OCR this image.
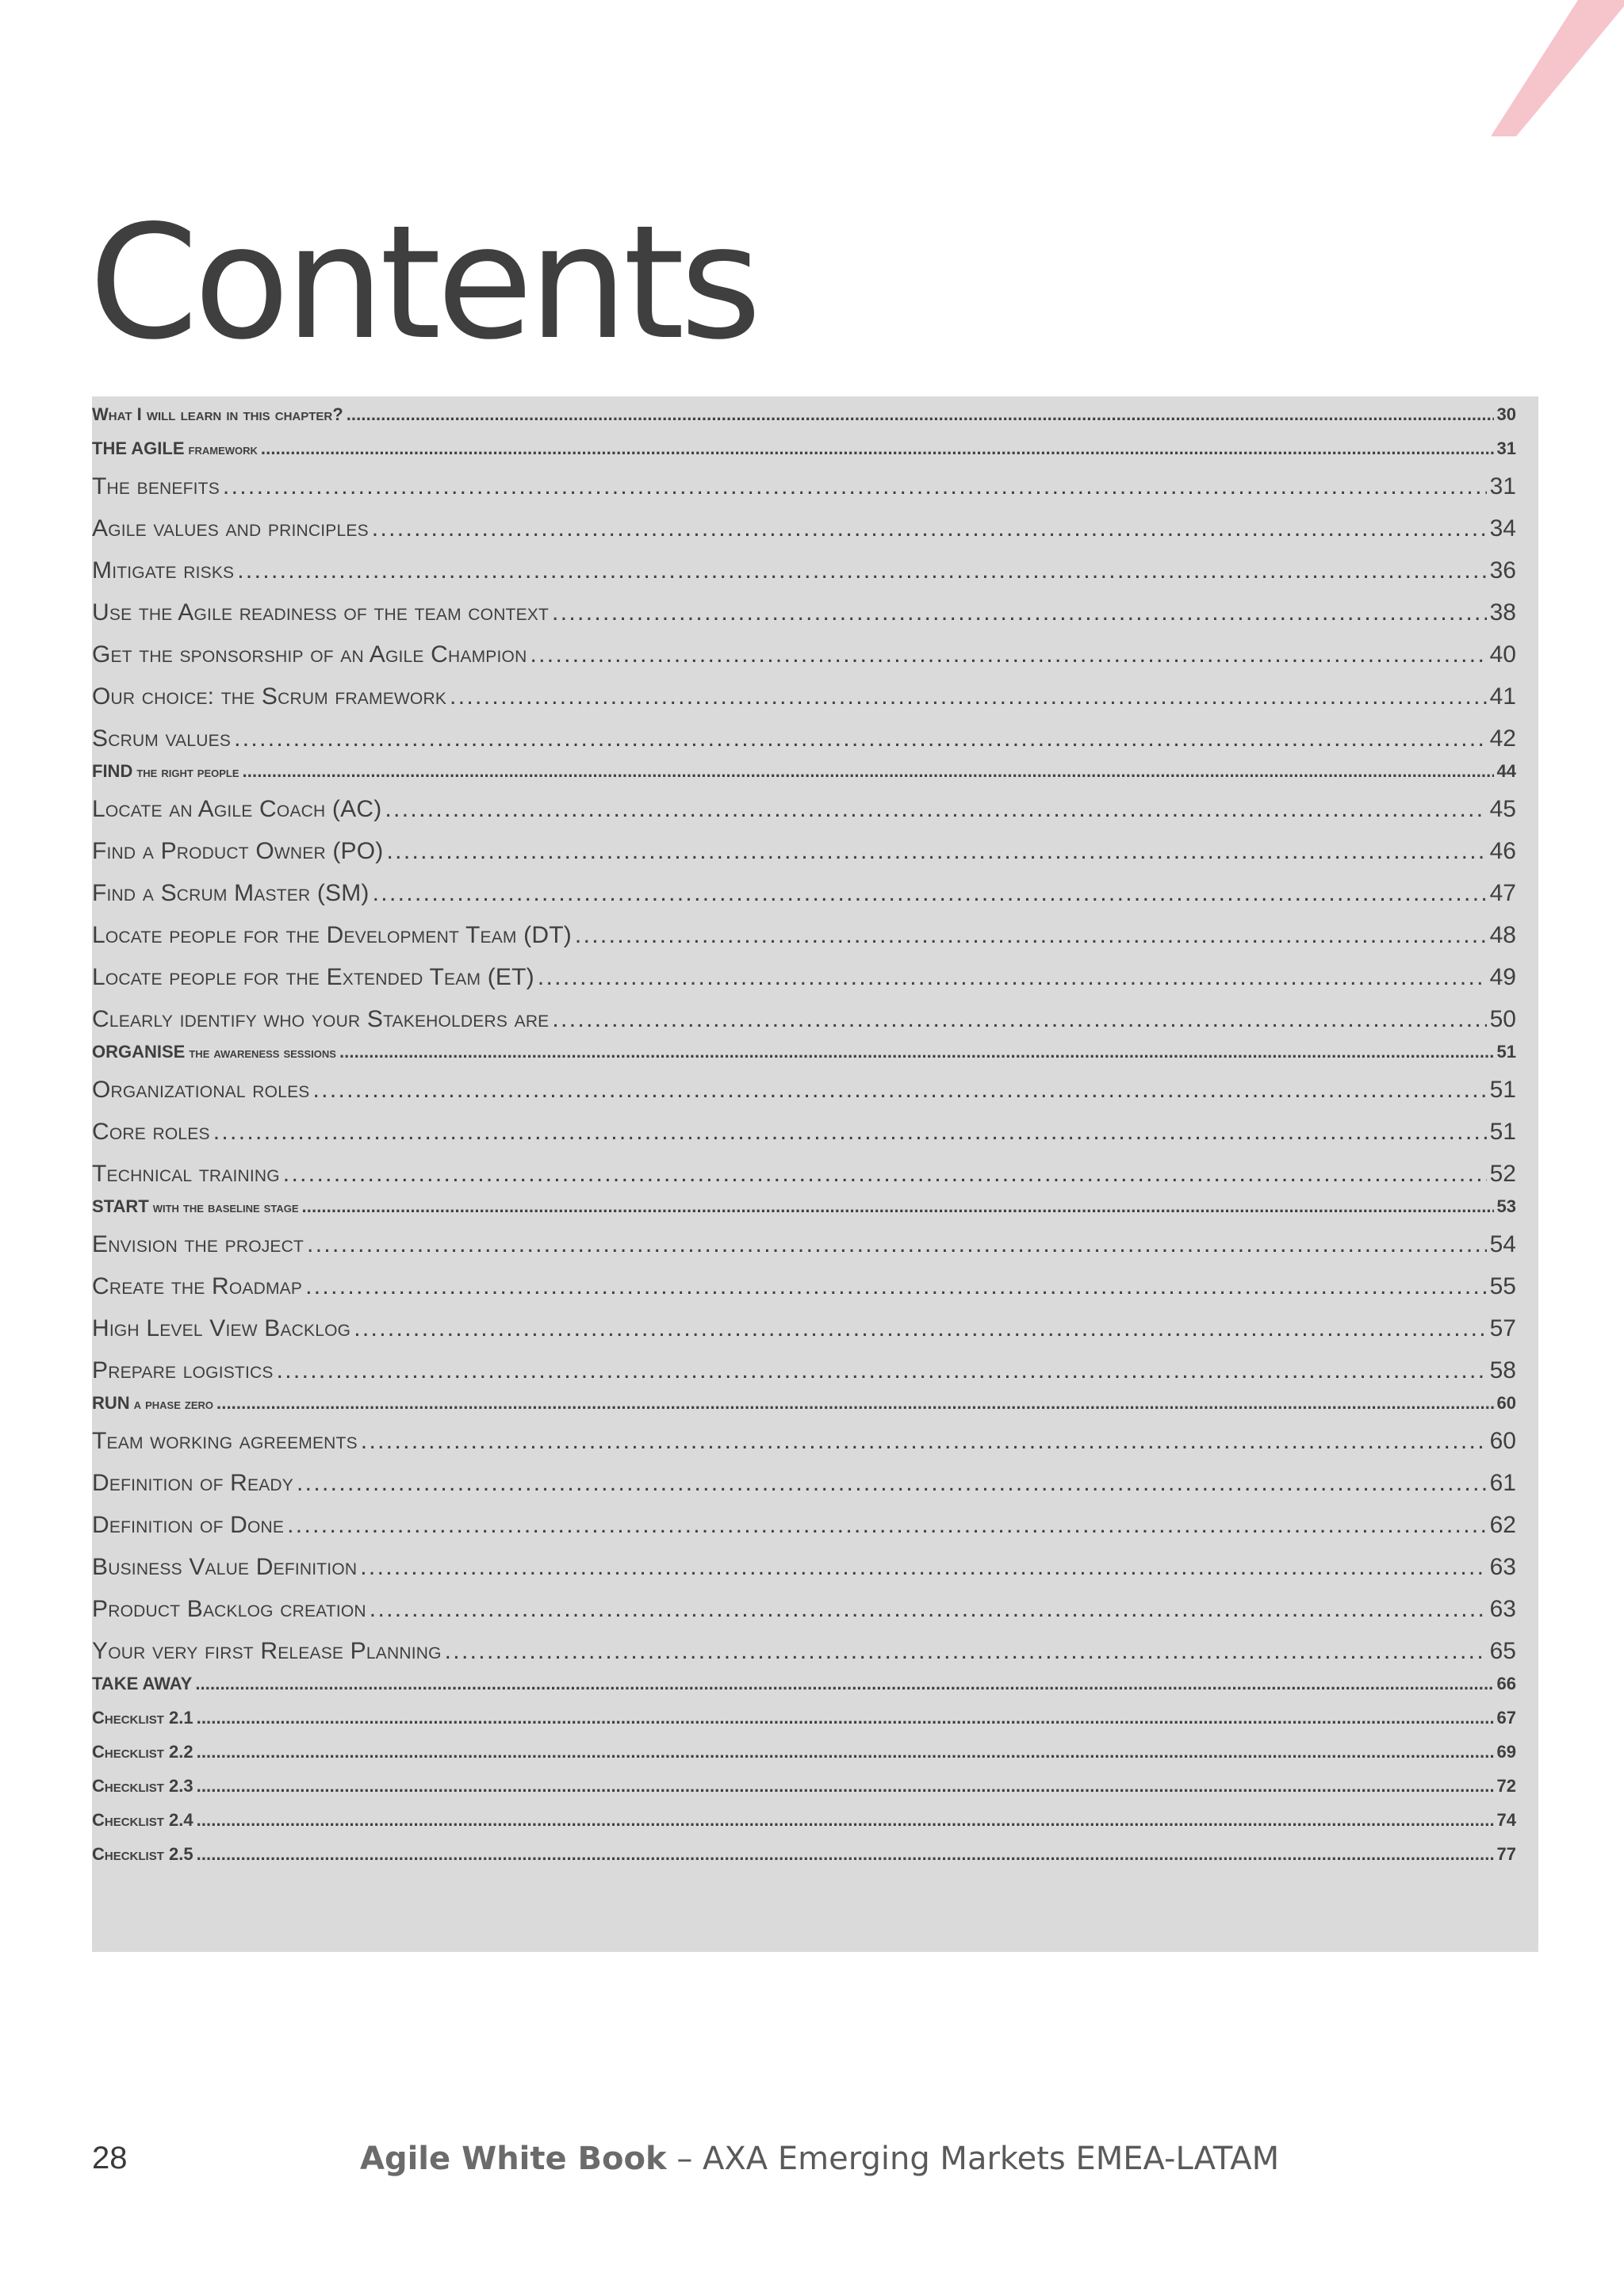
Contents
What I will learn in this chapter? . . .	30
THE AGILE framework . . .	31
The benefits . . .	31
Agile values and principles . . .	34
Mitigate risks . . .	36
Use the Agile readiness of the team context . . .	38
Get the sponsorship of an Agile Champion . . .	40
Our choice: the Scrum framework . . .	41
Scrum values . . .	42
FIND the right people . . .	44
Locate an Agile Coach (AC) . . .	45
Find a Product Owner (PO) . . .	46
Find a Scrum Master (SM) . . .	47
Locate people for the Development Team (DT) . . .	48
Locate people for the Extended Team (ET) . . .	49
Clearly identify who your Stakeholders are . . .	50
ORGANISE the awareness sessions . . .	51
Organizational roles . . .	51
Core roles . . .	51
Technical training . . .	52
START with the baseline stage . . .	53
Envision the project . . .	54
Create the Roadmap . . .	55
High Level View Backlog . . .	57
Prepare logistics . . .	58
RUN a phase zero . . .	60
Team working agreements . . .	60
Definition of Ready . . .	61
Definition of Done . . .	62
Business Value Definition . . .	63
Product Backlog creation . . .	63
Your very first Release Planning . . .	65
TAKE AWAY . . .	66
Checklist 2.1 . . .	67
Checklist 2.2 . . .	69
Checklist 2.3 . . .	72
Checklist 2.4 . . .	74
Checklist 2.5 . . .	77
28	Agile White Book – AXA Emerging Markets EMEA-LATAM
